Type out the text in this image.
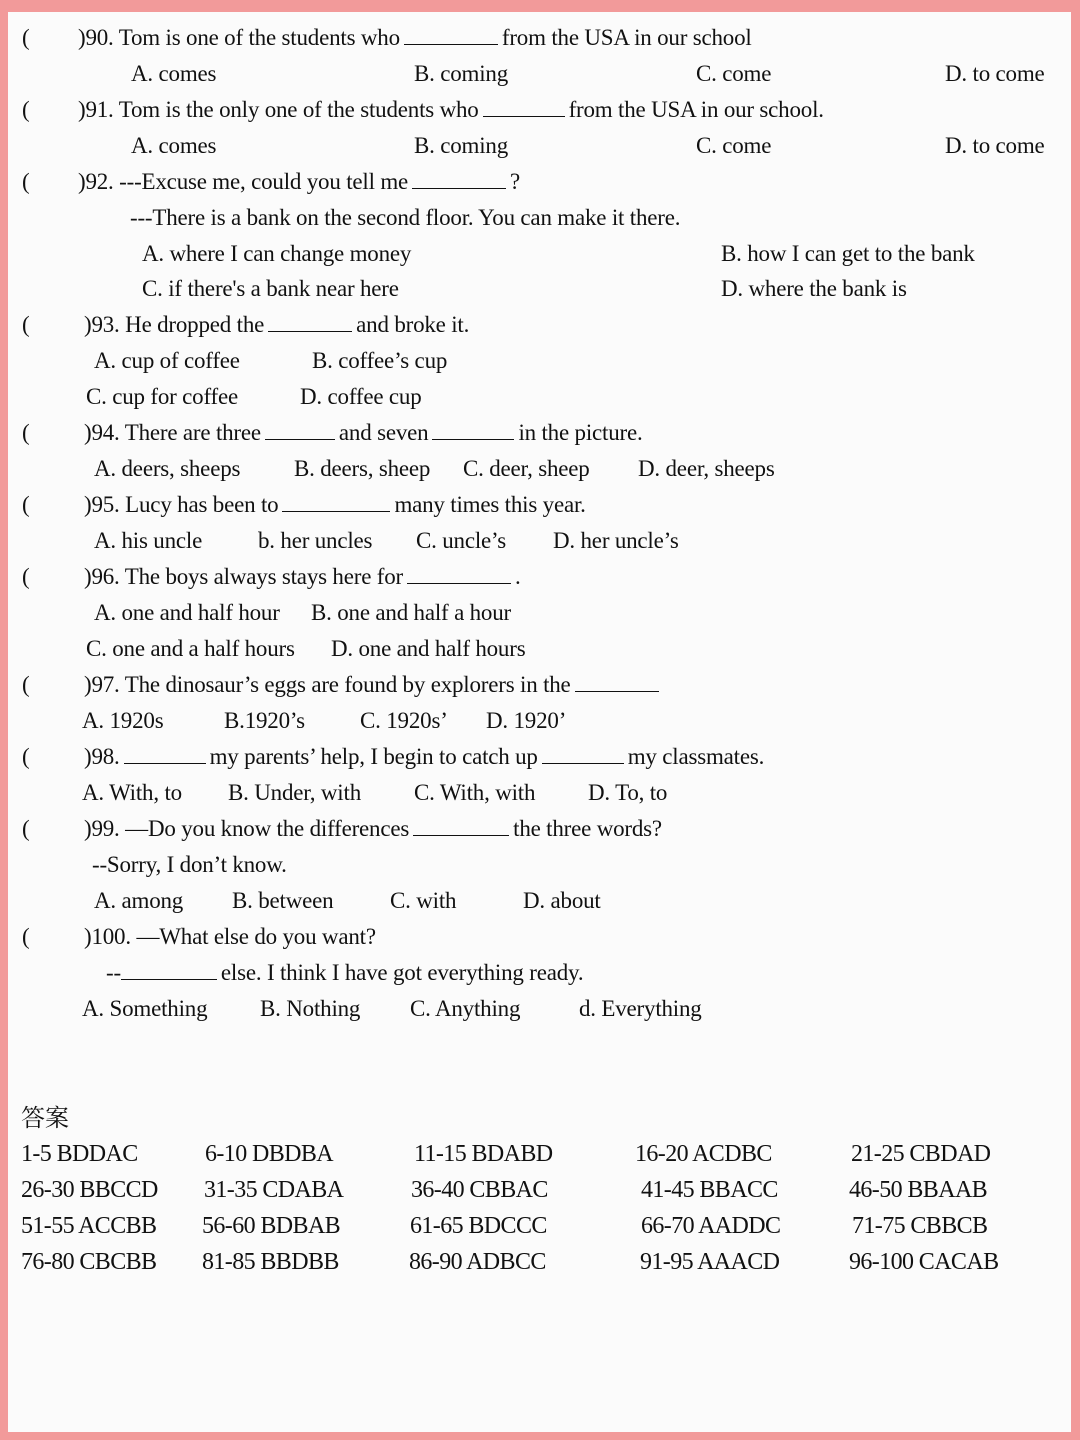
( )90. Tom is one of the students who	from the USA in our school
A. comes	B. coming	C. come	D. to come
( )91. Tom is the only one of the students who	from the USA in our school.
A. comes	B. coming	C. come	D. to come
( )92. ---Excuse me, could you tell me	?
---There is a bank on the second floor. You can make it there.
A. where I can change money	B. how I can get to the bank
C. if there's a bank near here	D. where the bank is
( )93. He dropped the	and broke it.
A. cup of coffee	B. coffee’s cup
C. cup for coffee	D. coffee cup
( )94. There are three	and seven	in the picture.
A. deers, sheeps B. deers, sheep C. deer, sheep D. deer, sheeps
( )95. Lucy has been to	many times this year.
A. his uncle b. her uncles C. uncle’s D. her uncle’s
( )96. The boys always stays here for	.
A. one and half hour B. one and half a hour
C. one and a half hours D. one and half hours
( )97. The dinosaur’s eggs are found by explorers in the
A. 1920s	B.1920’s C. 1920s’ D. 1920’
( )98.	my parents’ help, I begin to catch up	my classmates.
A. With, to B. Under, with C. With, with D. To, to
( )99. —Do you know the differences	the three words?
--Sorry, I don’t know.
A. among B. between C. with	D. about
( )100. —What else do you want?
--	else. I think I have got everything ready.
A. Something B. Nothing C. Anything	d. Everything
答案
1-5 BDDAC	6-10 DBDBA	11-15 BDABD	16-20 ACDBC	21-25 CBDAD
26-30 BBCCD 31-35 CDABA	36-40 CBBAC	41-45 BBACC	46-50 BBAAB
51-55 ACCBB 56-60 BDBAB	61-65 BDCCC	66-70 AADDC	71-75 CBBCB
76-80 CBCBB 81-85 BBDBB	86-90 ADBCC	91-95 AAACD	96-100 CACAB
